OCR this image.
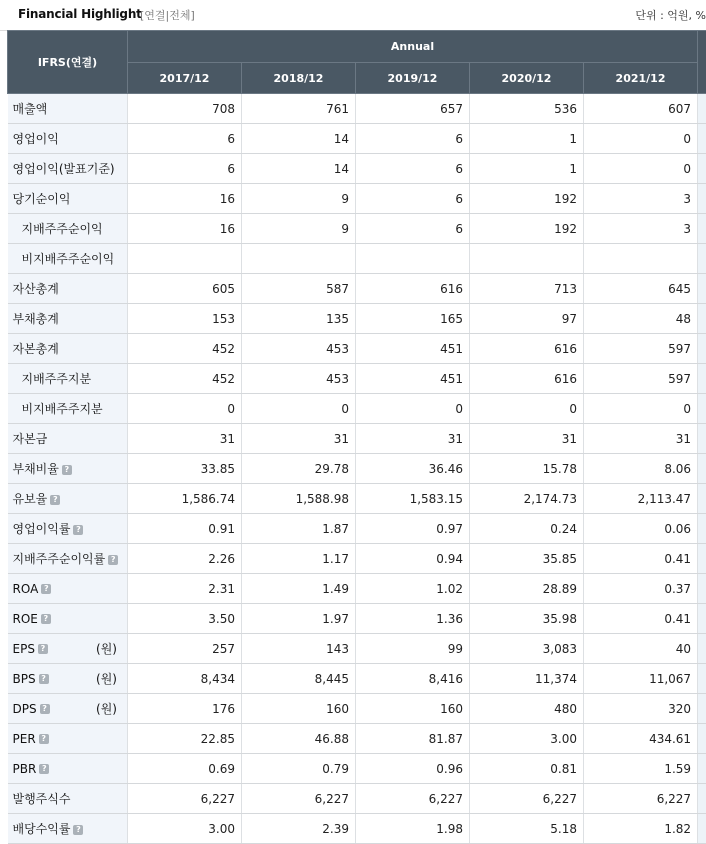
Financial Highlight
[연결|전체]	단위 : 억원, %
IFRS(연결)	Annual					
	2017/12	2018/12	2019/12	2020/12	2021/12	

매출액	708	761	657	536	607	

영업이익	6	14	6	1	0	

영업이익(발표기준)	6	14	6	1	0	

당기순이익	16	9	6	192	3	

지배주주순이익	16	9	6	192	3	

비지배주주순이익						

자산총계	605	587	616	713	645	

부채총계	153	135	165	97	48	

자본총계	452	453	451	616	597	

지배주주지분	452	453	451	616	597	

비지배주주지분	0	0	0	0	0	

자본금	31	31	31	31	31	

부채비율 ?	33.85	29.78	36.46	15.78	8.06	

유보율 ?	1,586.74	1,588.98	1,583.15	2,174.73	2,113.47	

영업이익률 ?	0.91	1.87	0.97	0.24	0.06	

지배주주순이익률 ?	2.26	1.17	0.94	35.85	0.41	

ROA ?	2.31	1.49	1.02	28.89	0.37	

ROE ?	3.50	1.97	1.36	35.98	0.41	

EPS ? (원)	257	143	99	3,083	40	

BPS ? (원)	8,434	8,445	8,416	11,374	11,067	

DPS ? (원)	176	160	160	480	320	

PER ?	22.85	46.88	81.87	3.00	434.61	

PBR ?	0.69	0.79	0.96	0.81	1.59	

발행주식수	6,227	6,227	6,227	6,227	6,227	

배당수익률 ?	3.00	2.39	1.98	5.18	1.82	
